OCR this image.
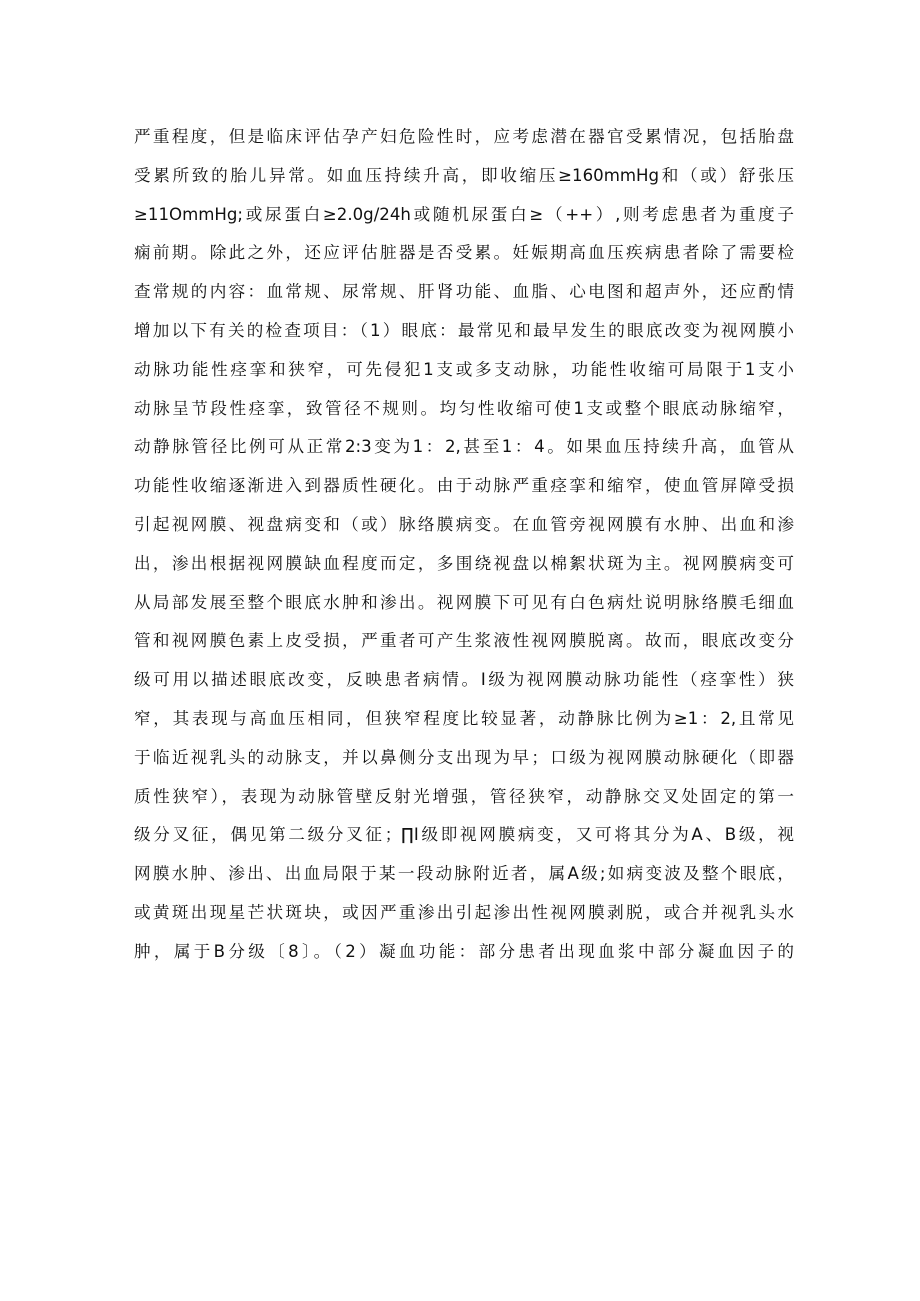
严重程度，但是临床评估孕产妇危险性时，应考虑潜在器官受累情况，包括胎盘
受累所致的胎儿异常。如血压持续升高，即收缩压≥160mmHg和（或）舒张压
≥11OmmHg;或尿蛋白≥2.0g/24h或随机尿蛋白≥（++）,则考虑患者为重度子
痫前期。除此之外，还应评估脏器是否受累。妊娠期高血压疾病患者除了需要检
查常规的内容：血常规、尿常规、肝肾功能、血脂、心电图和超声外，还应酌情
增加以下有关的检查项目：（1）眼底：最常见和最早发生的眼底改变为视网膜小
动脉功能性痉挛和狭窄，可先侵犯1支或多支动脉，功能性收缩可局限于1支小
动脉呈节段性痉挛，致管径不规则。均匀性收缩可使1支或整个眼底动脉缩窄，
动静脉管径比例可从正常2:3变为1：2,甚至1：4。如果血压持续升高，血管从
功能性收缩逐渐进入到器质性硬化。由于动脉严重痉挛和缩窄，使血管屏障受损
引起视网膜、视盘病变和（或）脉络膜病变。在血管旁视网膜有水肿、出血和渗
出，渗出根据视网膜缺血程度而定，多围绕视盘以棉絮状斑为主。视网膜病变可
从局部发展至整个眼底水肿和渗出。视网膜下可见有白色病灶说明脉络膜毛细血
管和视网膜色素上皮受损，严重者可产生浆液性视网膜脱离。故而，眼底改变分
级可用以描述眼底改变，反映患者病情。I级为视网膜动脉功能性（痉挛性）狭
窄，其表现与高血压相同，但狭窄程度比较显著，动静脉比例为≥1：2,且常见
于临近视乳头的动脉支，并以鼻侧分支出现为早；口级为视网膜动脉硬化（即器
质性狭窄），表现为动脉管壁反射光增强，管径狭窄，动静脉交叉处固定的第一
级分叉征，偶见第二级分叉征；∏I级即视网膜病变，又可将其分为A、B级，视
网膜水肿、渗出、出血局限于某一段动脉附近者，属A级;如病变波及整个眼底，
或黄斑出现星芒状斑块，或因严重渗出引起渗出性视网膜剥脱，或合并视乳头水
肿，属于B分级〔8〕。（2）凝血功能：部分患者出现血浆中部分凝血因子的
